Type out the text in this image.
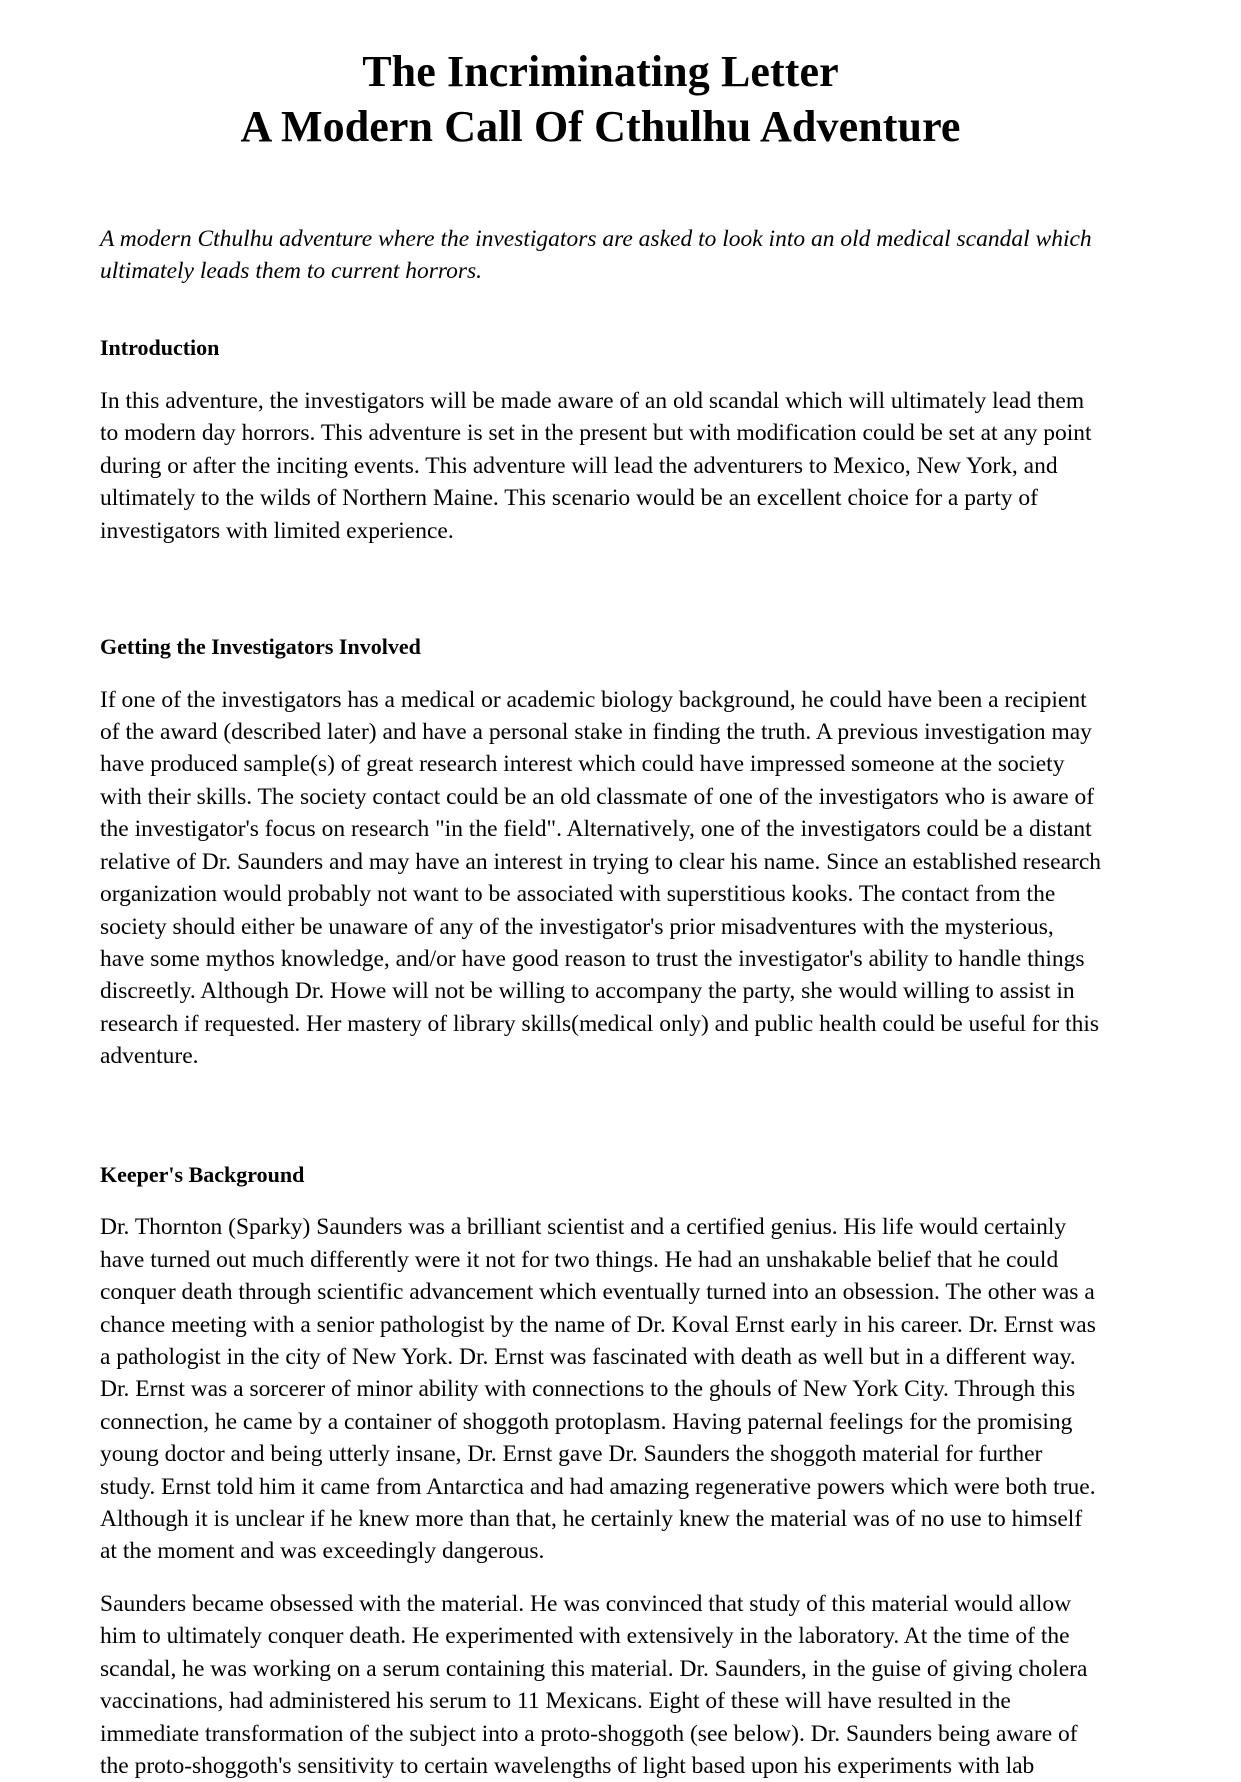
The Incriminating Letter
A Modern Call Of Cthulhu Adventure

A modern Cthulhu adventure where the investigators are asked to look into an old medical scandal which ultimately leads them to current horrors.

Introduction

In this adventure, the investigators will be made aware of an old scandal which will ultimately lead them to modern day horrors. This adventure is set in the present but with modification could be set at any point during or after the inciting events. This adventure will lead the adventurers to Mexico, New York, and ultimately to the wilds of Northern Maine. This scenario would be an excellent choice for a party of investigators with limited experience.

Getting the Investigators Involved

If one of the investigators has a medical or academic biology background, he could have been a recipient of the award (described later) and have a personal stake in finding the truth. A previous investigation may have produced sample(s) of great research interest which could have impressed someone at the society with their skills. The society contact could be an old classmate of one of the investigators who is aware of the investigator's focus on research "in the field". Alternatively, one of the investigators could be a distant relative of Dr. Saunders and may have an interest in trying to clear his name. Since an established research organization would probably not want to be associated with superstitious kooks. The contact from the society should either be unaware of any of the investigator's prior misadventures with the mysterious, have some mythos knowledge, and/or have good reason to trust the investigator's ability to handle things discreetly. Although Dr. Howe will not be willing to accompany the party, she would willing to assist in research if requested. Her mastery of library skills(medical only) and public health could be useful for this adventure.

Keeper's Background

Dr. Thornton (Sparky) Saunders was a brilliant scientist and a certified genius. His life would certainly have turned out much differently were it not for two things. He had an unshakable belief that he could conquer death through scientific advancement which eventually turned into an obsession. The other was a chance meeting with a senior pathologist by the name of Dr. Koval Ernst early in his career. Dr. Ernst was a pathologist in the city of New York. Dr. Ernst was fascinated with death as well but in a different way. Dr. Ernst was a sorcerer of minor ability with connections to the ghouls of New York City. Through this connection, he came by a container of shoggoth protoplasm. Having paternal feelings for the promising young doctor and being utterly insane, Dr. Ernst gave Dr. Saunders the shoggoth material for further study. Ernst told him it came from Antarctica and had amazing regenerative powers which were both true. Although it is unclear if he knew more than that, he certainly knew the material was of no use to himself at the moment and was exceedingly dangerous.

Saunders became obsessed with the material. He was convinced that study of this material would allow him to ultimately conquer death. He experimented with extensively in the laboratory. At the time of the scandal, he was working on a serum containing this material. Dr. Saunders, in the guise of giving cholera vaccinations, had administered his serum to 11 Mexicans. Eight of these will have resulted in the immediate transformation of the subject into a proto-shoggoth (see below). Dr. Saunders being aware of the proto-shoggoth's sensitivity to certain wavelengths of light based upon his experiments with lab
